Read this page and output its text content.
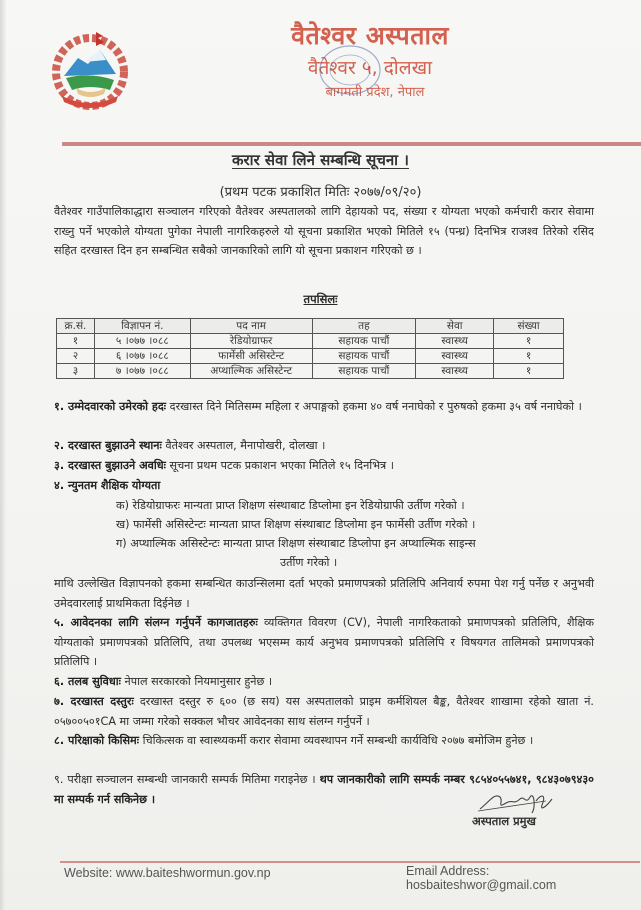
वैतेश्वर अस्पताल
वैतेश्वर ५, दोलखा
बागमती प्रदेश, नेपाल
करार सेवा लिने सम्बन्धि सूचना ।
(प्रथम पटक प्रकाशित मितिः २०७७/०९/२०)
वैतेश्वर गाउँपालिकाद्धारा सञ्चालन गरिएको वैतेश्वर अस्पतालको लागि देहायको पद, संख्या र योग्यता भएको कर्मचारी करार सेवामा राख्नु पर्ने भएकोले योग्यता पुगेका नेपाली नागरिकहरुले यो सूचना प्रकाशित भएको मितिले १५ (पन्ध्र) दिनभित्र राजश्व तिरेको रसिद सहित दरखास्त दिन हन सम्बन्धित सबैको जानकारिको लागि यो सूचना प्रकाशन गरिएको छ ।
तपसिलः
क्र.सं.	विज्ञापन नं.	पद नाम	तह	सेवा	संख्या
१	५ ।०७७ ।०८८	रेडियोग्राफर	सहायक पाचौं	स्वास्थ्य	१
२	६ ।०७७ ।०८८	फार्मेसी असिस्टेन्ट	सहायक पाचौं	स्वास्थ्य	१
३	७ ।०७७ ।०८८	अप्थाल्मिक असिस्टेन्ट	सहायक पाचौं	स्वास्थ्य	१
१. उम्मेदवारको उमेरको हदः दरखास्त दिने मितिसम्म महिला र अपाङ्गको हकमा ४० वर्ष ननाघेको र पुरुषको हकमा ३५ वर्ष ननाघेको ।
२. दरखास्त बुझाउने स्थानः वैतेश्वर अस्पताल, मैनापोखरी, दोलखा ।
३. दरखास्त बुझाउने अवधिः सूचना प्रथम पटक प्रकाशन भएका मितिले १५ दिनभित्र ।
४. न्युनतम शैक्षिक योग्यता
क) रेडियोग्राफरः मान्यता प्राप्त शिक्षण संस्थाबाट डिप्लोमा इन रेडियोग्राफी उर्तीण गरेको ।
ख) फार्मेसी असिस्टेन्टः मान्यता प्राप्त शिक्षण संस्थाबाट डिप्लोमा इन फार्मेसी उर्तीण गरेको ।
ग) अप्थाल्मिक असिस्टेन्टः मान्यता प्राप्त शिक्षण संस्थाबाट डिप्लोपा इन अप्थाल्मिक साइन्स
उर्तीण गरेको ।
माथि उल्लेखित विज्ञापनको हकमा सम्बन्धित काउन्सिलमा दर्ता भएको प्रमाणपत्रको प्रतिलिपि अनिवार्य रुपमा पेश गर्नु पर्नेछ र अनुभवी उमेदवारलाई प्राथमिकता दिईनेछ ।
५. आवेदनका लागि संलग्न गर्नुपर्ने कागजातहरुः व्यक्तिगत विवरण (CV), नेपाली नागरिकताको प्रमाणपत्रको प्रतिलिपि, शैक्षिक योग्यताको प्रमाणपत्रको प्रतिलिपि, तथा उपलब्ध भएसम्म कार्य अनुभव प्रमाणपत्रको प्रतिलिपि र विषयगत तालिमको प्रमाणपत्रको प्रतिलिपि ।
६. तलब सुविधाः नेपाल सरकारको नियमानुसार हुनेछ ।
७. दरखास्त दस्तुरः दरखास्त दस्तुर रु ६०० (छ सय) यस अस्पतालको प्राइम कर्मशियल बैङ्क, वैतेश्वर शाखामा रहेको खाता नं. ०५७००५०१CA मा जम्मा गरेको सक्कल भौचर आवेदनका साथ संलग्न गर्नुपर्ने ।
८. परिक्षाको किसिमः चिकित्सक वा स्वास्थ्यकर्मी करार सेवामा व्यवस्थापन गर्ने सम्बन्धी कार्यविधि २०७७ बमोजिम हुनेछ ।
९. परीक्षा सञ्चालन सम्बन्धी जानकारी सम्पर्क मितिमा गराइनेछ । थप जानकारीको लागि सम्पर्क नम्बर ९८५४०५५७४१, ९८४३०७९४३० मा सम्पर्क गर्न सकिनेछ ।
अस्पताल प्रमुख
Website: www.baiteshwormun.gov.np	Email Address: hosbaiteshwor@gmail.com
